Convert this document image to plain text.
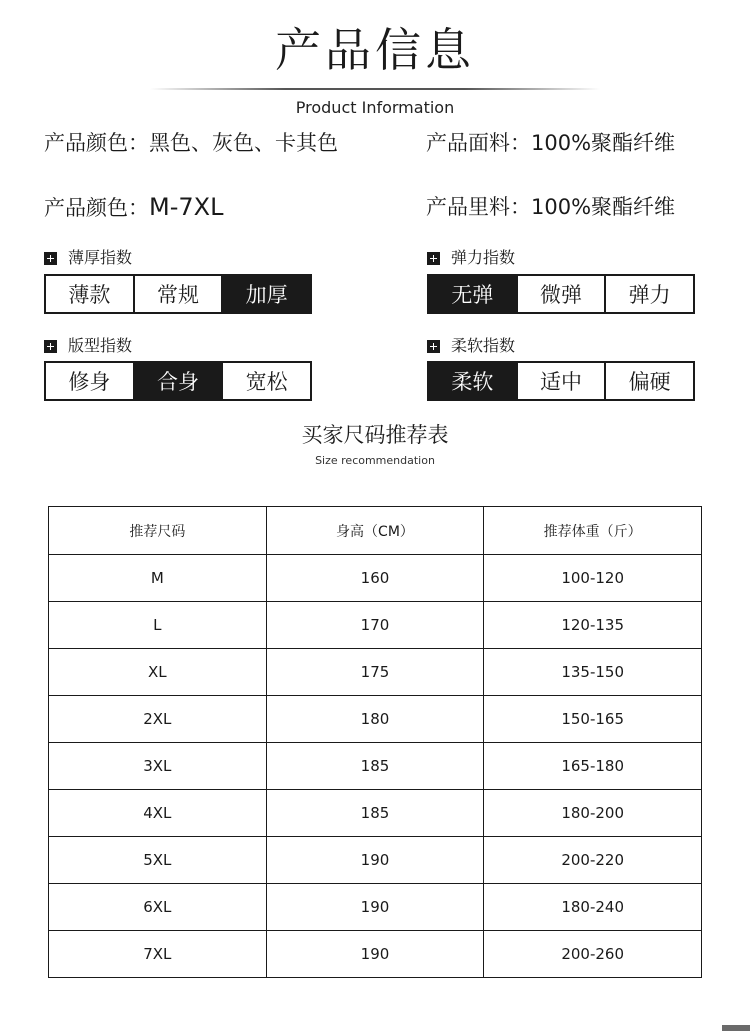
产品信息
Product Information
产品颜色：黑色、灰色、卡其色	产品面料：100%聚酯纤维
产品颜色：M-7XL	产品里料：100%聚酯纤维
薄厚指数
薄款	常规	加厚
弹力指数
无弹	微弹	弹力
版型指数
修身	合身	宽松
柔软指数
柔软	适中	偏硬
买家尺码推荐表
Size recommendation
推荐尺码	身高（CM）	推荐体重（斤）
M	160	100-120
L	170	120-135
XL	175	135-150
2XL	180	150-165
3XL	185	165-180
4XL	185	180-200
5XL	190	200-220
6XL	190	180-240
7XL	190	200-260
